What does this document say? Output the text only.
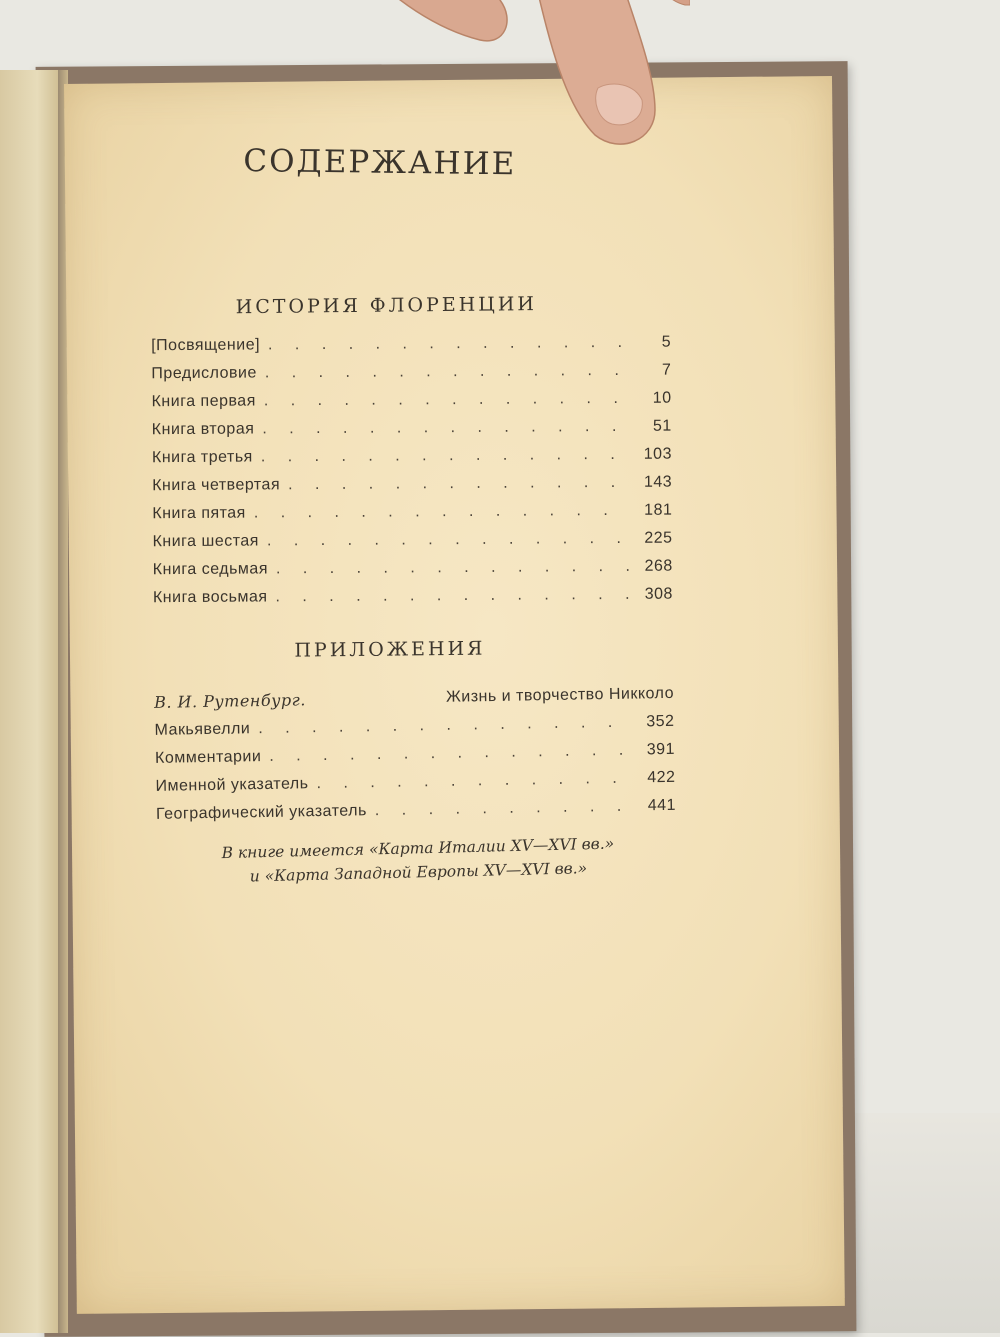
СОДЕРЖАНИЕ
ИСТОРИЯ ФЛОРЕНЦИИ
[Посвящение] . . .	5
Предисловие . . .	7
Книга первая . . .	10
Книга вторая . . .	51
Книга третья . . .	103
Книга четвертая . . .	143
Книга пятая . . .	181
Книга шестая . . .	225
Книга седьмая . . .	268
Книга восьмая . . .	308
ПРИЛОЖЕНИЯ
В. И. Рутенбург.	Жизнь и творчество Никколо
Макьявелли . . .	352
Комментарии . . .	391
Именной указатель . . .	422
Географический указатель . . .	441
В книге имеется «Карта Италии XV—XVI вв.»
и «Карта Западной Европы XV—XVI вв.»
